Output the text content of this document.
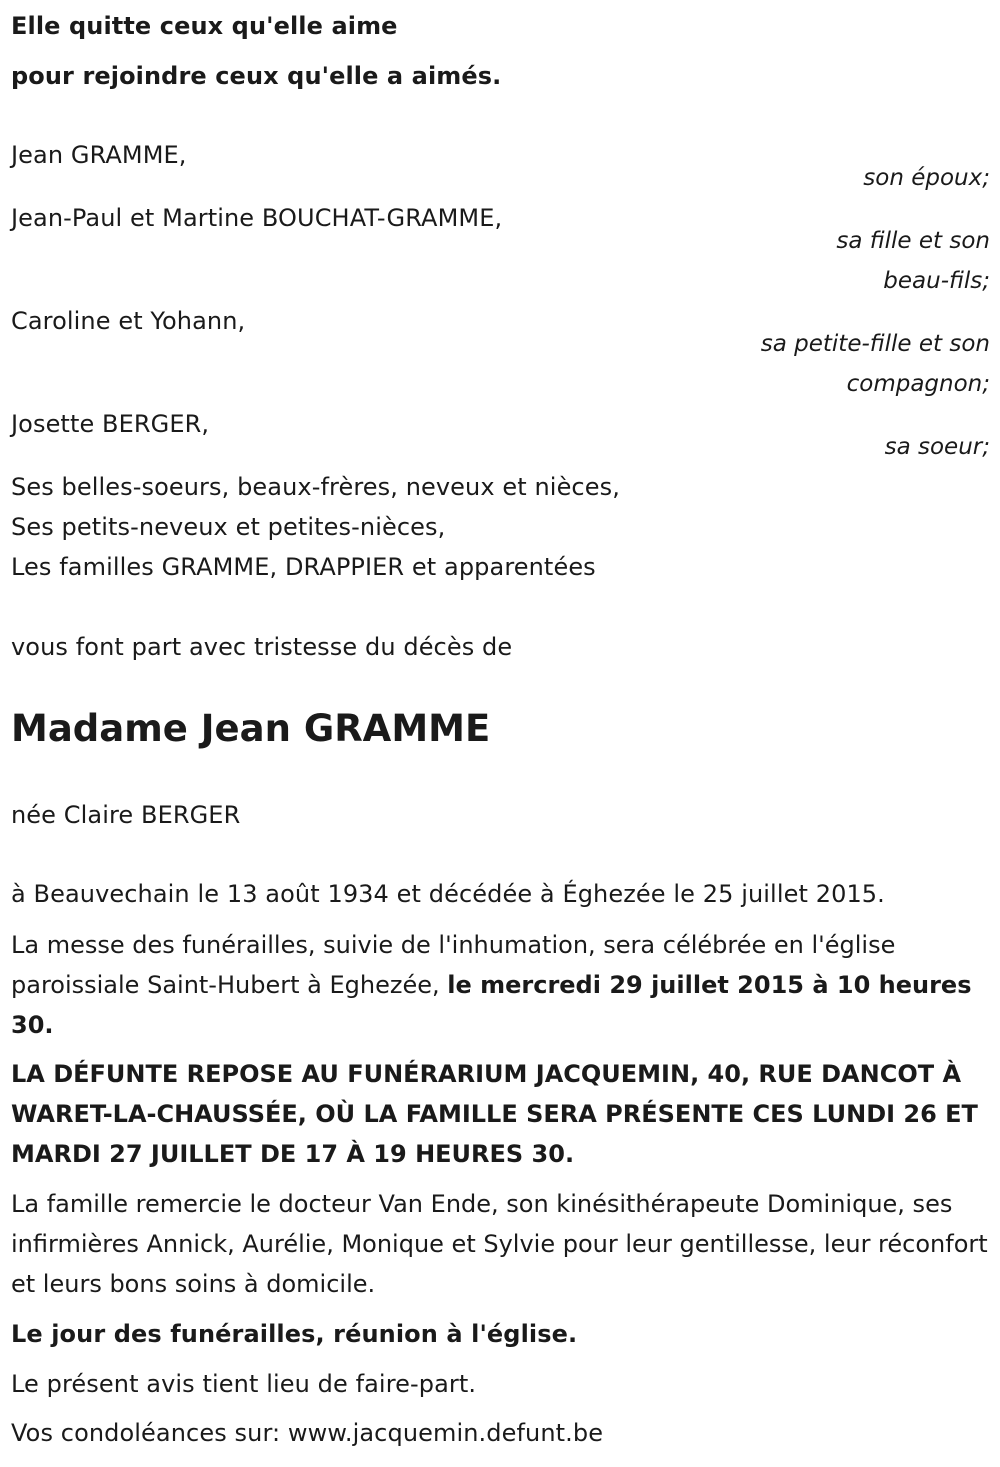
Elle quitte ceux qu'elle aime
pour rejoindre ceux qu'elle a aimés.
Jean GRAMME,
son époux;
Jean-Paul et Martine BOUCHAT-GRAMME,
sa fille et son
beau-fils;
Caroline et Yohann,
sa petite-fille et son
compagnon;
Josette BERGER,
sa soeur;
Ses belles-soeurs, beaux-frères, neveux et nièces,
Ses petits-neveux et petites-nièces,
Les familles GRAMME, DRAPPIER et apparentées
vous font part avec tristesse du décès de
Madame Jean GRAMME
née Claire BERGER
à Beauvechain le 13 août 1934 et décédée à Éghezée le 25 juillet 2015.
La messe des funérailles, suivie de l'inhumation, sera célébrée en l'église paroissiale Saint-Hubert à Eghezée, le mercredi 29 juillet 2015 à 10 heures 30.
LA DÉFUNTE REPOSE AU FUNÉRARIUM JACQUEMIN, 40, RUE DANCOT À WARET-LA-CHAUSSÉE, OÙ LA FAMILLE SERA PRÉSENTE CES LUNDI 26 ET MARDI 27 JUILLET DE 17 À 19 HEURES 30.
La famille remercie le docteur Van Ende, son kinésithérapeute Dominique, ses infirmières Annick, Aurélie, Monique et Sylvie pour leur gentillesse, leur réconfort et leurs bons soins à domicile.
Le jour des funérailles, réunion à l'église.
Le présent avis tient lieu de faire-part.
Vos condoléances sur: www.jacquemin.defunt.be
